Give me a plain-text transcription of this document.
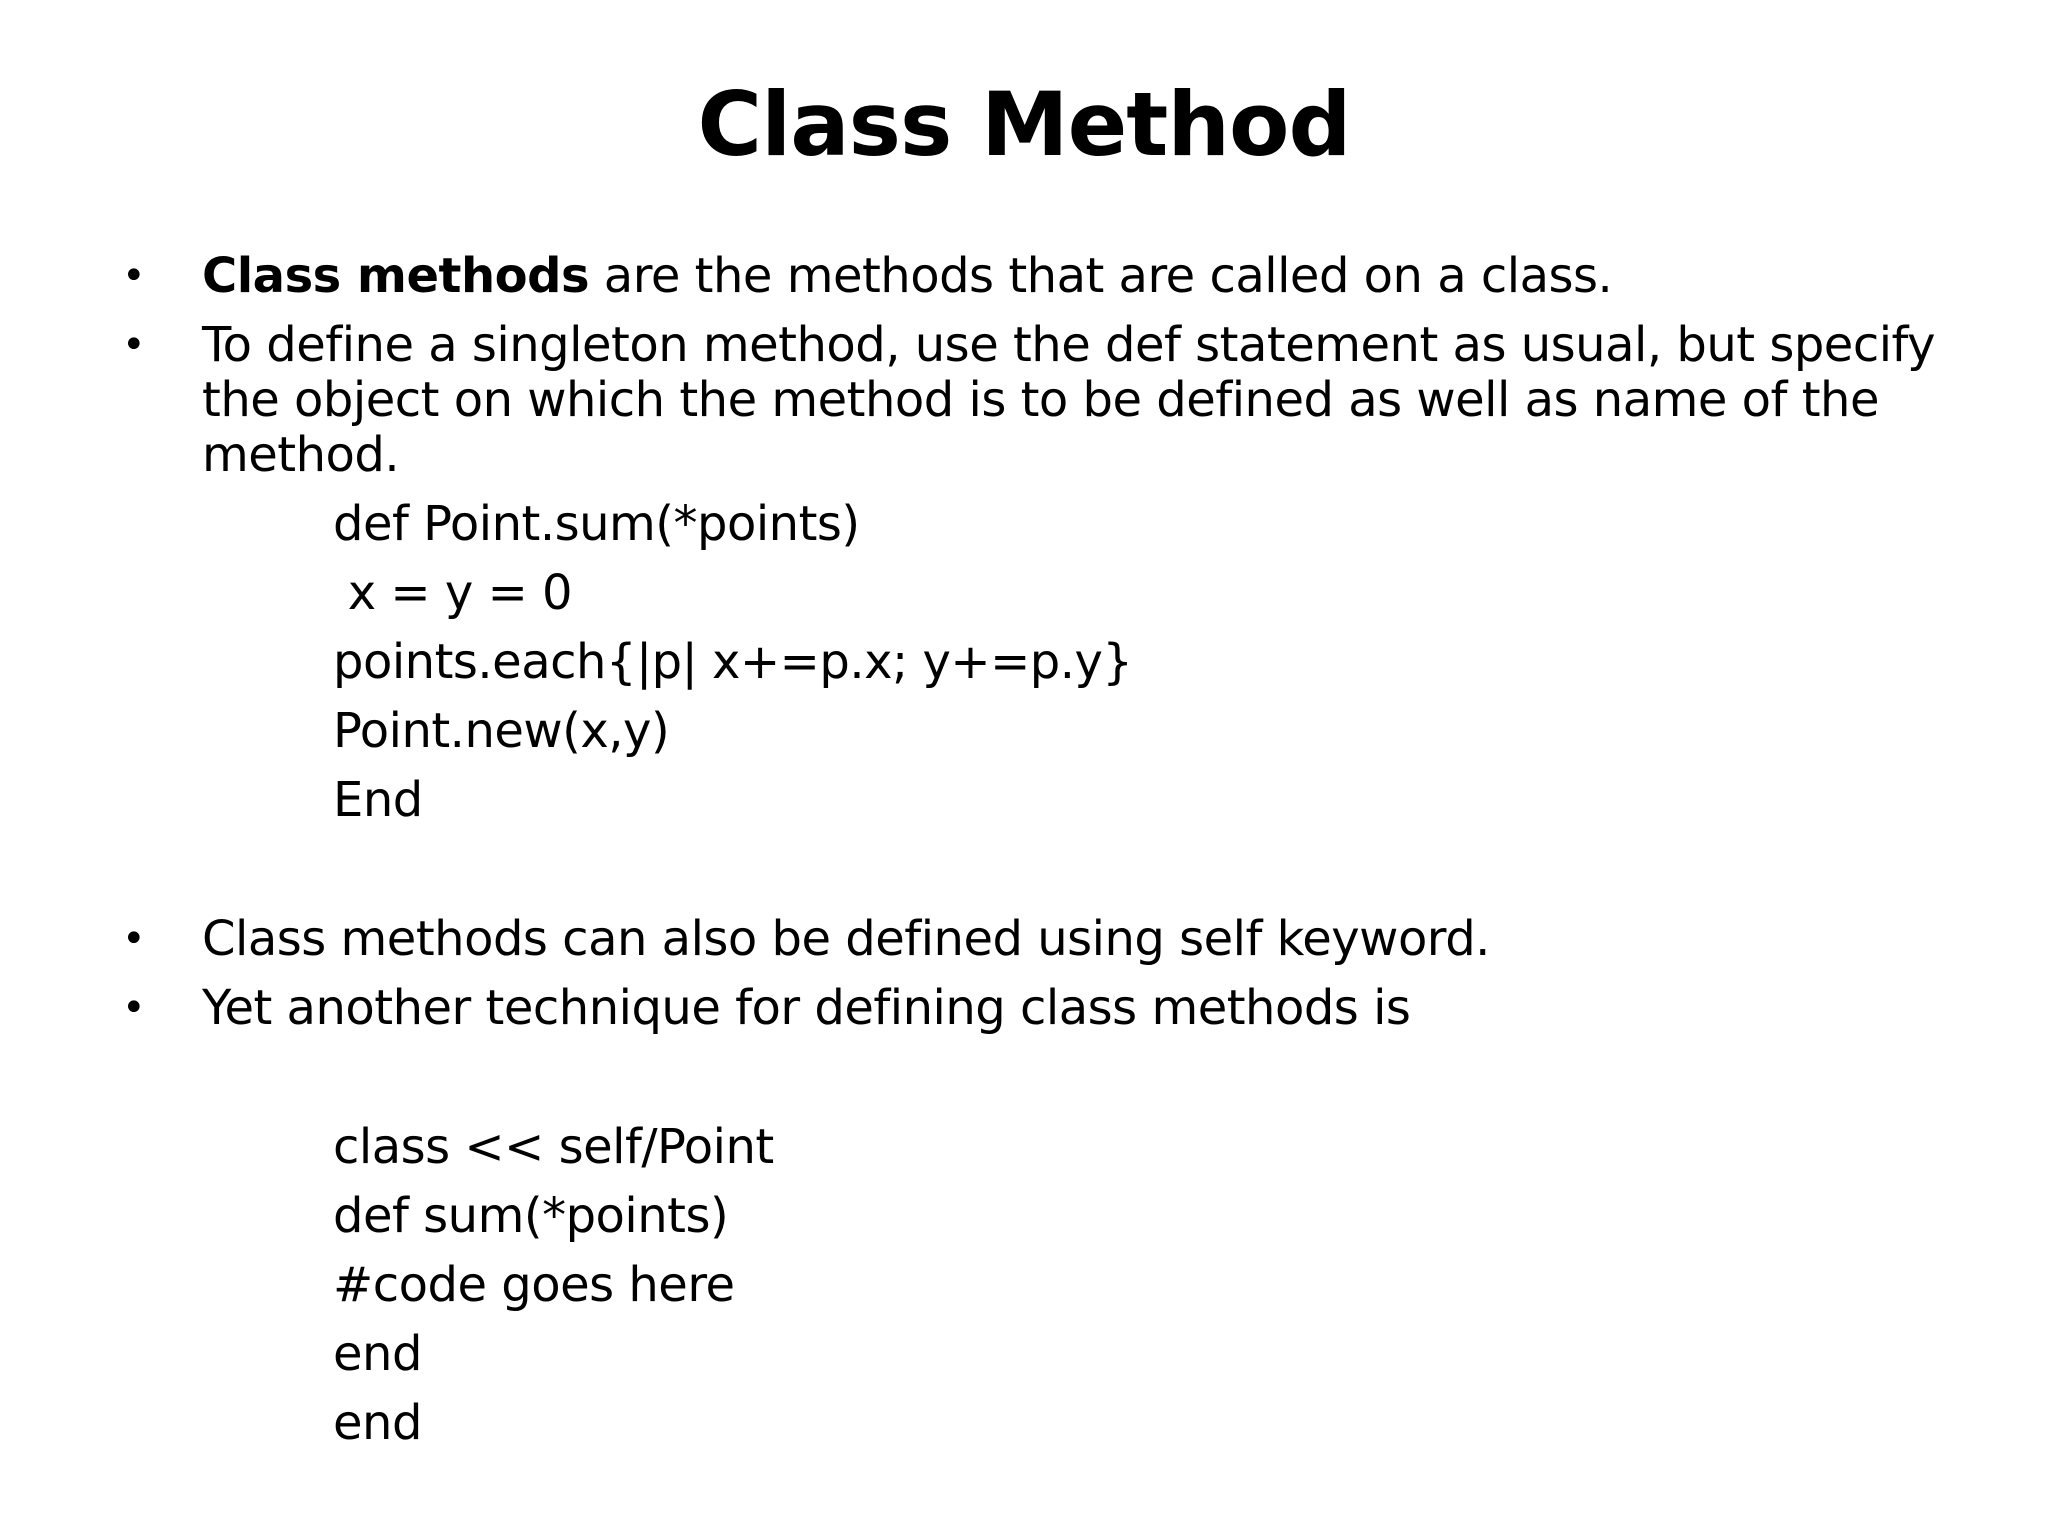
Class Method
•	Class methods are the methods that are called on a class.
•	To define a singleton method, use the def statement as usual, but specify the object on which the method is to be defined as well as name of the method.
def Point.sum(*points)
x = y = 0
points.each{|p| x+=p.x; y+=p.y}
Point.new(x,y)
End
•	Class methods can also be defined using self keyword.
•	Yet another technique for defining class methods is
class << self/Point
def sum(*points)
#code goes here
end
end
